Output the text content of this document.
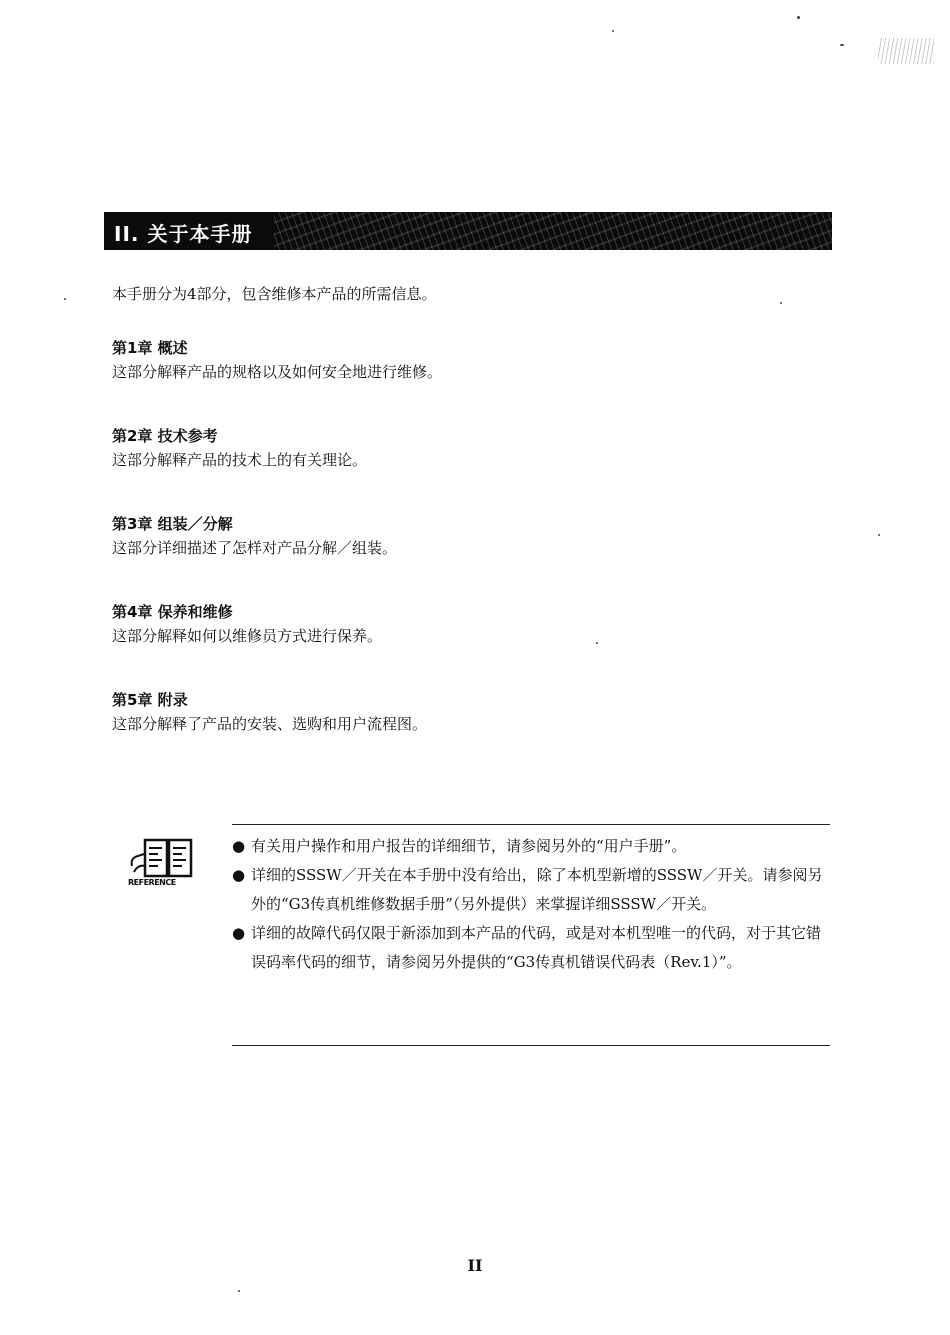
II. 关于本手册
本手册分为4部分，包含维修本产品的所需信息。
第1章 概述
这部分解释产品的规格以及如何安全地进行维修。
第2章 技术参考
这部分解释产品的技术上的有关理论。
第3章 组装／分解
这部分详细描述了怎样对产品分解／组装。
第4章 保养和维修
这部分解释如何以维修员方式进行保养。
第5章 附录
这部分解释了产品的安装、选购和用户流程图。
REFERENCE
● 有关用户操作和用户报告的详细细节，请参阅另外的“用户手册”。
● 详细的SSSW／开关在本手册中没有给出，除了本机型新增的SSSW／开关。请参阅另外的“G3传真机维修数据手册”（另外提供）来掌握详细SSSW／开关。
● 详细的故障代码仅限于新添加到本产品的代码，或是对本机型唯一的代码，对于其它错误码率代码的细节，请参阅另外提供的“G3传真机错误代码表（Rev.1）”。
II
